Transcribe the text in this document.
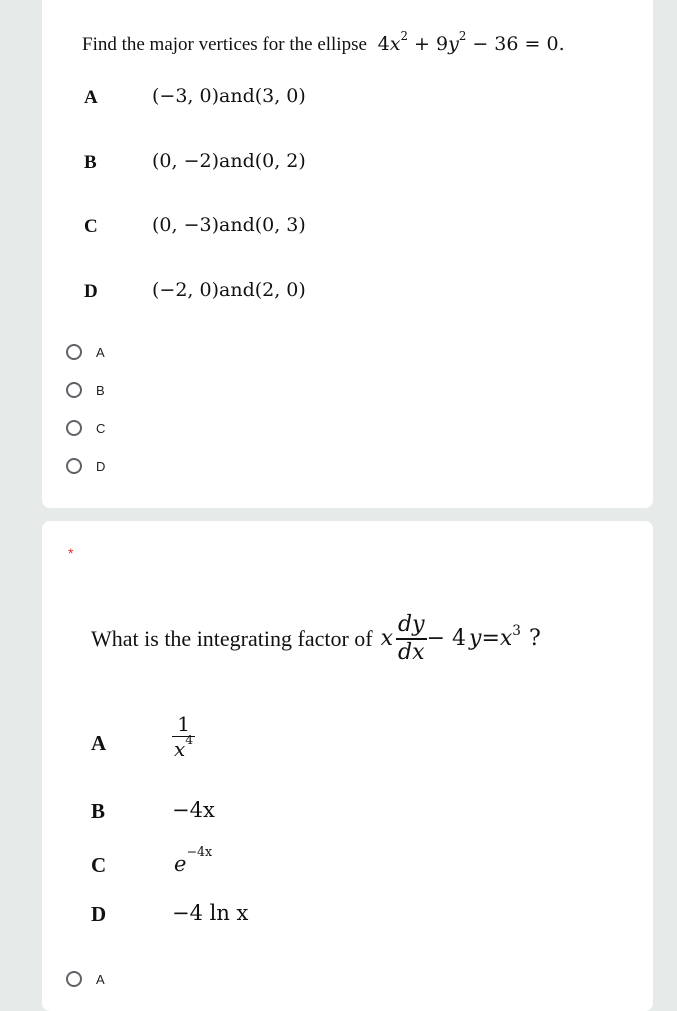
Find the major vertices for the ellipse $4x^2 + 9y^2 - 36 = 0$.
A	(−3, 0)and(3, 0)
B	(0, −2)and(0, 2)
C	(0, −3)and(0, 3)
D	(−2, 0)and(2, 0)
A
B
C
D
*
What is the integrating factor of x $\frac{dy}{dx} - 4$ $y = x^3$ ?
A	$\frac{1}{x^4}$
B	−4x
C	$e^{-4x}$
D	−4 ln x
A
